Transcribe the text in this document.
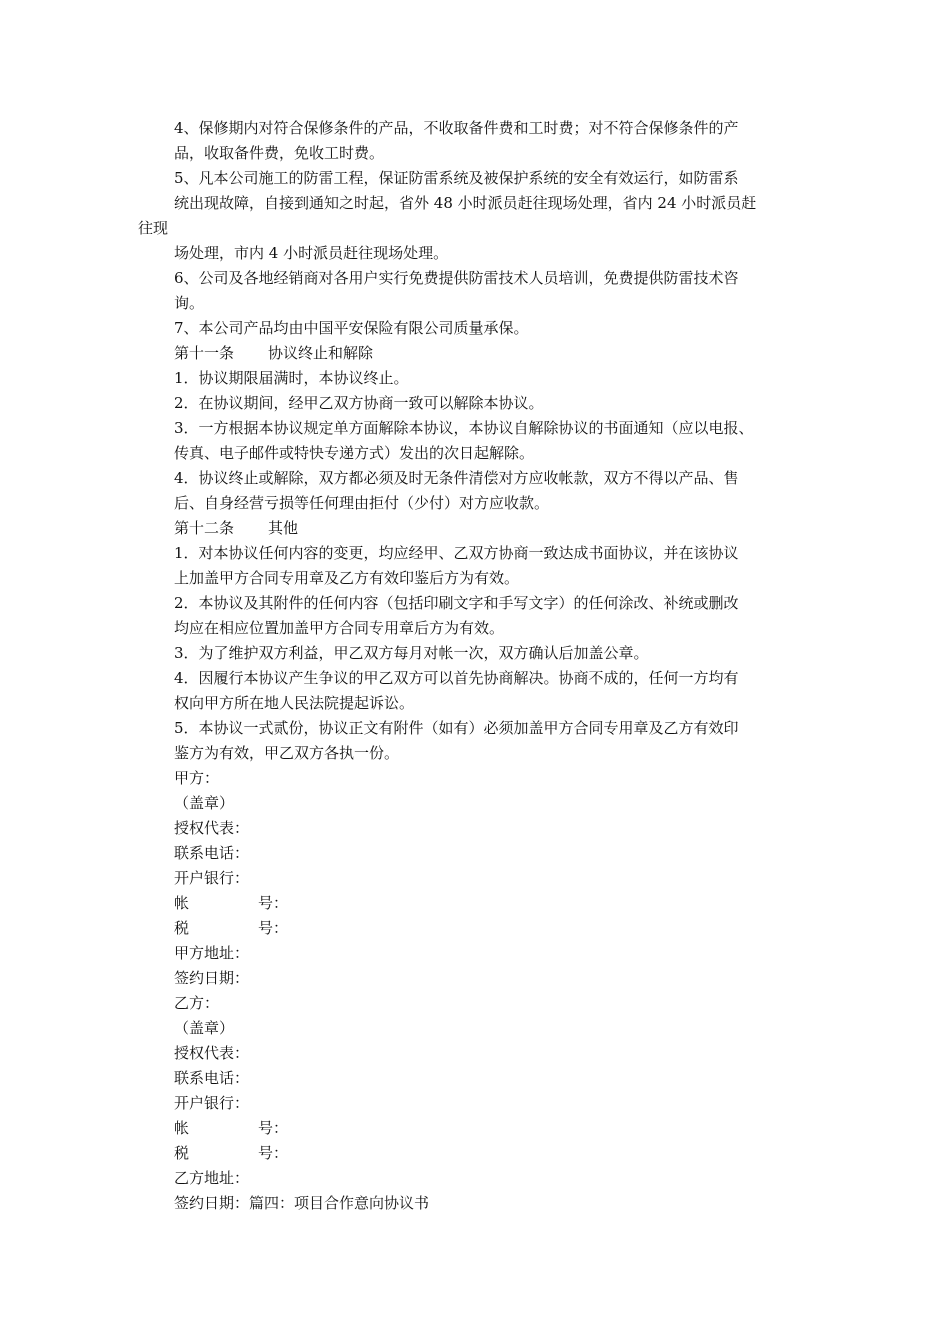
4、保修期内对符合保修条件的产品，不收取备件费和工时费；对不符合保修条件的产
品，收取备件费，免收工时费。
5、凡本公司施工的防雷工程，保证防雷系统及被保护系统的安全有效运行，如防雷系
统出现故障，自接到通知之时起，省外 48 小时派员赶往现场处理，省内 24 小时派员赶
往现
场处理，市内 4 小时派员赶往现场处理。
6、公司及各地经销商对各用户实行免费提供防雷技术人员培训，免费提供防雷技术咨
询。
7、本公司产品均由中国平安保险有限公司质量承保。
第十一条 协议终止和解除
1．协议期限届满时，本协议终止。
2．在协议期间，经甲乙双方协商一致可以解除本协议。
3．一方根据本协议规定单方面解除本协议，本协议自解除协议的书面通知（应以电报、
传真、电子邮件或特快专递方式）发出的次日起解除。
4．协议终止或解除，双方都必须及时无条件清偿对方应收帐款，双方不得以产品、售
后、自身经营亏损等任何理由拒付（少付）对方应收款。
第十二条 其他
1．对本协议任何内容的变更，均应经甲、乙双方协商一致达成书面协议，并在该协议
上加盖甲方合同专用章及乙方有效印鉴后方为有效。
2．本协议及其附件的任何内容（包括印刷文字和手写文字）的任何涂改、补统或删改
均应在相应位置加盖甲方合同专用章后方为有效。
3．为了维护双方利益，甲乙双方每月对帐一次，双方确认后加盖公章。
4．因履行本协议产生争议的甲乙双方可以首先协商解决。协商不成的，任何一方均有
权向甲方所在地人民法院提起诉讼。
5．本协议一式贰份，协议正文有附件（如有）必须加盖甲方合同专用章及乙方有效印
鉴方为有效，甲乙双方各执一份。
甲方：
（盖章）
授权代表：
联系电话：
开户银行：
帐	号：
税	号：
甲方地址：
签约日期：
乙方：
（盖章）
授权代表：
联系电话：
开户银行：
帐	号：
税	号：
乙方地址：
签约日期：篇四：项目合作意向协议书
